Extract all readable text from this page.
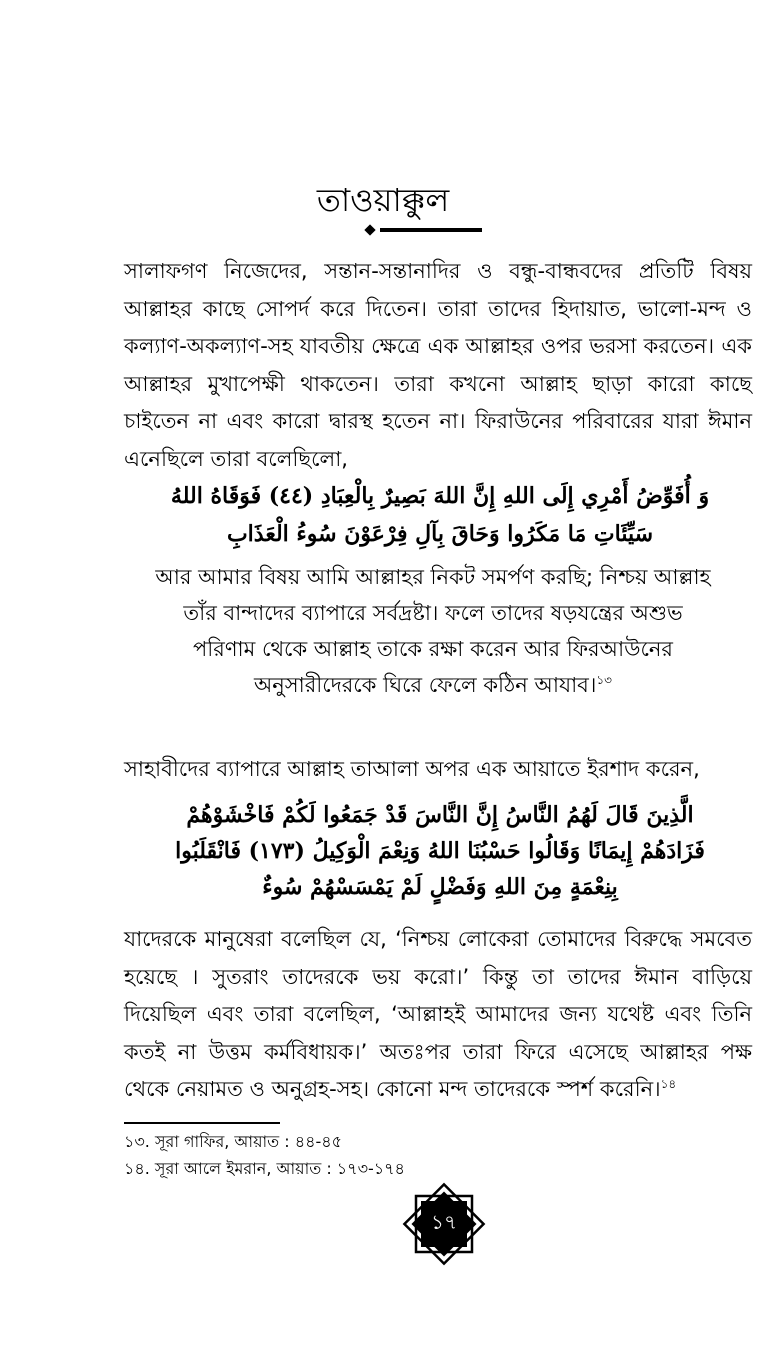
তাওয়াক্কুল

সালাফগণ নিজেদের, সন্তান-সন্তানাদির ও বন্ধু-বান্ধবদের প্রতিটি বিষয় আল্লাহর কাছে সোপর্দ করে দিতেন। তারা তাদের হিদায়াত, ভালো-মন্দ ও কল্যাণ-অকল্যাণ-সহ যাবতীয় ক্ষেত্রে এক আল্লাহর ওপর ভরসা করতেন। এক আল্লাহর মুখাপেক্ষী থাকতেন। তারা কখনো আল্লাহ ছাড়া কারো কাছে চাইতেন না এবং কারো দ্বারস্থ হতেন না। ফিরাউনের পরিবারের যারা ঈমান এনেছিলে তারা বলেছিলো,

وَ أُفَوِّضُ أَمْرِي إِلَى اللهِ إِنَّ اللهَ بَصِيرٌ بِالْعِبَادِ (٤٤) فَوَقَاهُ اللهُ

سَيِّئَاتِ مَا مَكَرُوا وَحَاقَ بِآلِ فِرْعَوْنَ سُوءُ الْعَذَابِ

আর আমার বিষয় আমি আল্লাহর নিকট সমর্পণ করছি; নিশ্চয় আল্লাহ তাঁর বান্দাদের ব্যাপারে সর্বদ্রষ্টা। ফলে তাদের ষড়যন্ত্রের অশুভ পরিণাম থেকে আল্লাহ তাকে রক্ষা করেন আর ফিরআউনের অনুসারীদেরকে ঘিরে ফেলে কঠিন আযাব।$^{১৩}$

সাহাবীদের ব্যাপারে আল্লাহ তাআলা অপর এক আয়াতে ইরশাদ করেন,

الَّذِينَ قَالَ لَهُمُ النَّاسُ إِنَّ النَّاسَ قَدْ جَمَعُوا لَكُمْ فَاخْشَوْهُمْ

فَزَادَهُمْ إِيمَانًا وَقَالُوا حَسْبُنَا اللهُ وَنِعْمَ الْوَكِيلُ (١٧٣) فَانْقَلَبُوا

بِنِعْمَةٍ مِنَ اللهِ وَفَضْلٍ لَمْ يَمْسَسْهُمْ سُوءٌ

যাদেরকে মানুষেরা বলেছিল যে, ‘নিশ্চয় লোকেরা তোমাদের বিরুদ্ধে সমবেত হয়েছে । সুতরাং তাদেরকে ভয় করো।’ কিন্তু তা তাদের ঈমান বাড়িয়ে দিয়েছিল এবং তারা বলেছিল, ‘আল্লাহই আমাদের জন্য যথেষ্ট এবং তিনি কতই না উত্তম কর্মবিধায়ক।’ অতঃপর তারা ফিরে এসেছে আল্লাহর পক্ষ থেকে নেয়ামত ও অনুগ্রহ-সহ। কোনো মন্দ তাদেরকে স্পর্শ করেনি।$^{১৪}$

১৩. সূরা গাফির, আয়াত : ৪৪-৪৫
১৪. সূরা আলে ইমরান, আয়াত : ১৭৩-১৭৪
১৭
